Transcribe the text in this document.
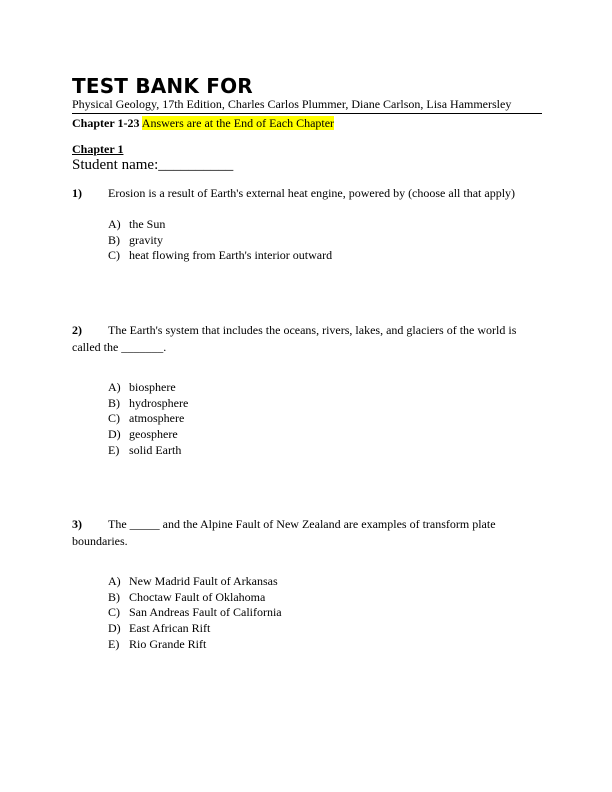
TEST BANK FOR
Physical Geology, 17th Edition, Charles Carlos Plummer, Diane Carlson, Lisa Hammersley
Chapter 1-23 Answers are at the End of Each Chapter
Chapter 1
Student name:__________
1) Erosion is a result of Earth's external heat engine, powered by (choose all that apply)
A) the Sun
B) gravity
C) heat flowing from Earth's interior outward
2) The Earth's system that includes the oceans, rivers, lakes, and glaciers of the world is called the _______.
A) biosphere
B) hydrosphere
C) atmosphere
D) geosphere
E) solid Earth
3) The _____ and the Alpine Fault of New Zealand are examples of transform plate boundaries.
A) New Madrid Fault of Arkansas
B) Choctaw Fault of Oklahoma
C) San Andreas Fault of California
D) East African Rift
E) Rio Grande Rift
